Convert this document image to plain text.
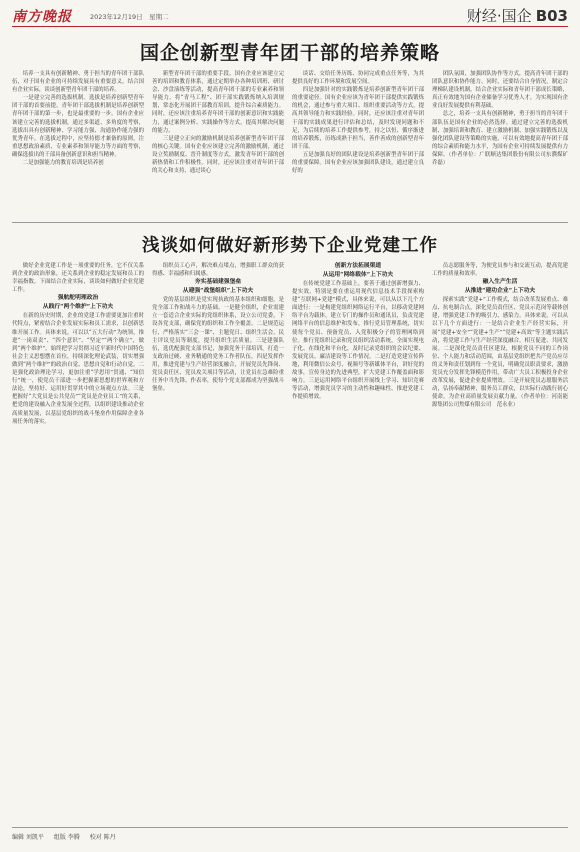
南方晚报	2023年12月19日　星期二	财经·国企 B03
国企创新型青年团干部的培养策略

培养一支具有创新精神、勇于担当的青年团干部队伍，对于国有企业的可持续发展具有重要意义。结合国有企业实际，谈谈创新型青年团干部的培养。

一是建立完善的选拔机制。选拔是培养创新型青年团干部的首要前提。青年团干部选拔机制是培养创新型青年团干部的第一步，也是最重要的一步。国有企业应该建立完善的选拔机制，通过多渠道、多角度的考察，选拔出具有创新精神、学习能力强、沟通协作能力强的优秀青年。在选拔过程中，应坚持德才兼备的原则，注重思想政治素质、专业素养和领导能力等方面的考察，确保选拔出的干部具备创新意识和担当精神。

二是加强能力的教育培训是培养创

新型青年团干部的重要手段。国有企业应该建立完善的培训和教育体系，通过定期举办各种培训班、研讨会、沙盘演练等活动，提高青年团干部的专业素养和领导能力。将“青马工程”、团干部实践锻炼纳入培训规划，常态化开展团干部教育培训，提升综合素质能力。同时，还应该注重培养青年团干部的创新意识和实践能力，通过案例分析、实践操作等方式，提高其解决问题的能力。

三是建立正向的激励机制是培养创新型青年团干部的核心关键。国有企业应该建立完善的激励机制，通过设立奖励制度、晋升制度等方式，激发青年团干部的创新热情和工作积极性。同时，还应该注重对青年团干部的关心和支持，通过谈心

谈话、交给任务历练、协同完成重点任务等，为其提供良好的工作环境和发展空间。

四是加强针对的实践锻炼是培养创新型青年团干部的重要途径。国有企业应该为青年团干部提供实践锻炼的机会，通过参与重大项目、组织重要活动等方式，提高其领导能力和实践经验。同时，还应该注重对青年团干部的实践成果进行评估和总结，及时发现问题和不足，为后续的培养工作提供参考，持之以恒、循序渐进的培养锻炼，历练成熟于担当，善作善成的创新型青年团干部。

五是加强良好的团队建设是培养创新型青年团干部的重要保障。国有企业应该加强团队建设，通过建立良好的

团队氛围，加强团队协作等方式，提高青年团干部的团队意识和协作能力。同时，还要结合自身情况，制定合理梯队建设机制，结合企业实际和青年团干部成长策略，真正有效地为国有企业储备学习优秀人才，为实现国有企业良好发展提供有利基础。

总之，培养一支具有创新精神，勇于担当的青年团干部队伍是国有企业的必然选择。通过建立完善的选拔机制、加强培训和教育、建立激励机制、加强实践锻炼以及强化团队建设等策略的实施，可以有效地提高青年团干部的综合素质和能力水平，为国有企业可持续发展提供有力保障。（作者单位：广联顺达集团股份有限公司东濮煤矿　乔磊）

浅谈如何做好新形势下企业党建工作

做好企业党建工作是一项重要的任务，它不仅关系到企业的政治形象，还关系到企业的稳定发展和员工的幸福指数。下面结合企业实际，谈谈如何做好企业党建工作。

强航舵明理政治

从践行“两个维护”上下功夫

在新的历史时期，企业的党建工作需要更加注重时代特点，紧密结合企业发展实际和员工需求，以创新思维开展工作。具体来说，可以以“五大行动”为统领，推进“一岗双责”、“四个意识”、“坚定”“两个确立”，做到“两个维护”。始终把学习贯彻习近平新时代中国特色社会主义思想摆在首位，持续深化理论武装，切实增强做到“两个维护”的政治自觉、思想自觉和行动自觉。二是强化政治理论学习，更加注重“学思用”贯通、“知信行”统一，使党员干部进一步把握新思想的世界观和方法论，坚持好、运用好贯穿其中的立场观点方法。三是把握好“大党员是公共党员”“党员是企业员工”的关系，把党的建设融入企业发展全过程，以组织建设推动企业高质量发展，以基层党组织的战斗堡垒作用保障企业各项任务的落实。

组织员工心声，解决难点堵点，增强职工群众的获得感、幸福感和归属感。

夯实基础建强堡垒

从建强“战堡组织”上下功夫

党的基层组织是党实现执政的基本组织和细胞，是党全部工作和战斗力的基础。一是健全组织，企业需建立一套适合企业实际的党组织体系，设立公司党委，下设各党支部，确保党的组织和工作全覆盖。二是规范运行，严格落实“三会一课”、主题党日、组织生活会、民主评议党员等制度，提升组织生活质量。三是建强队伍，选优配强党支部书记，加强党务干部培训，打造一支政治过硬、业务精通的党务工作者队伍。四是发挥作用，推进党建与生产经营深度融合，开展党员先锋岗、党员责任区、党员攻关项目等活动，让党员在急难险重任务中当先锋、作表率，使每个党支部都成为坚强战斗堡垒。

创新方法拓展渠道

从运用“网络载体”上下功夫

在传统党建工作基础上，要善于通过创新增强力、提实效。特别是要在重运用现代信息技术手段探索构建“互联网+党建”模式，具体来说，可以从以下几个方面进行：一是构建党组织网络运行平台，以移动党建网络平台为载体，建立专门的操作员和通讯员，负责党建网络平台的信息维护和发布，推行党员管理系统，切实使每个党员、预备党员、入党积极分子的管理网络到位。推行党组织记录和党员组织活动系统，全面实现电子化、在线化和平台化，及时记录党组织的会议纪要、发展党员、廉洁建设等工作情况。二是打造党建宣传阵地，利用微信公众号、视频号等新媒体平台，讲好党的故事，宣传身边的先进典型，扩大党建工作覆盖面和影响力。三是运用网络平台组织开展线上学习、知识竞赛等活动，增强党员学习的主动性和趣味性，推进党建工作提质增效。

员志愿服务等，为便党员参与和交流互动，提高党建工作的质量和效率。

融入生产生活

从推进“建功企业”上下功夫

探索实践“党建+”工作模式，结合改革发展重点、难点、抗电制合点，深化党员责任区、党员示范岗等载体创建，增强党建工作的吸引力、感染力。具体来说，可以从以下几个方面进行：一是结合企业生产经营实际，开展“党建+安全”“党建+生产”“党建+高效”等主题实践活动，将党建工作与生产经营深度融合，相互促进、共同发展。二是深化党员责任区建设，根据党员不同的工作岗位、个人能力和活动范围，由基层党组织把共产党员应尽的义务和责任划到每一个党员，明确党员职责要求，激励党员充分发挥先锋模范作用，带动广大员工积极投身企业改革发展，促进企业提质增效。三是开展党员志愿服务活动，弘扬奉献精神，服务员工群众，以实际行动践行初心使命，为企业高质量发展贡献力量。（作者单位：河南能源集团公司焦煤有限公司　范永业）

编辑 刘凯平 组版 李腾 校对 陈丹
